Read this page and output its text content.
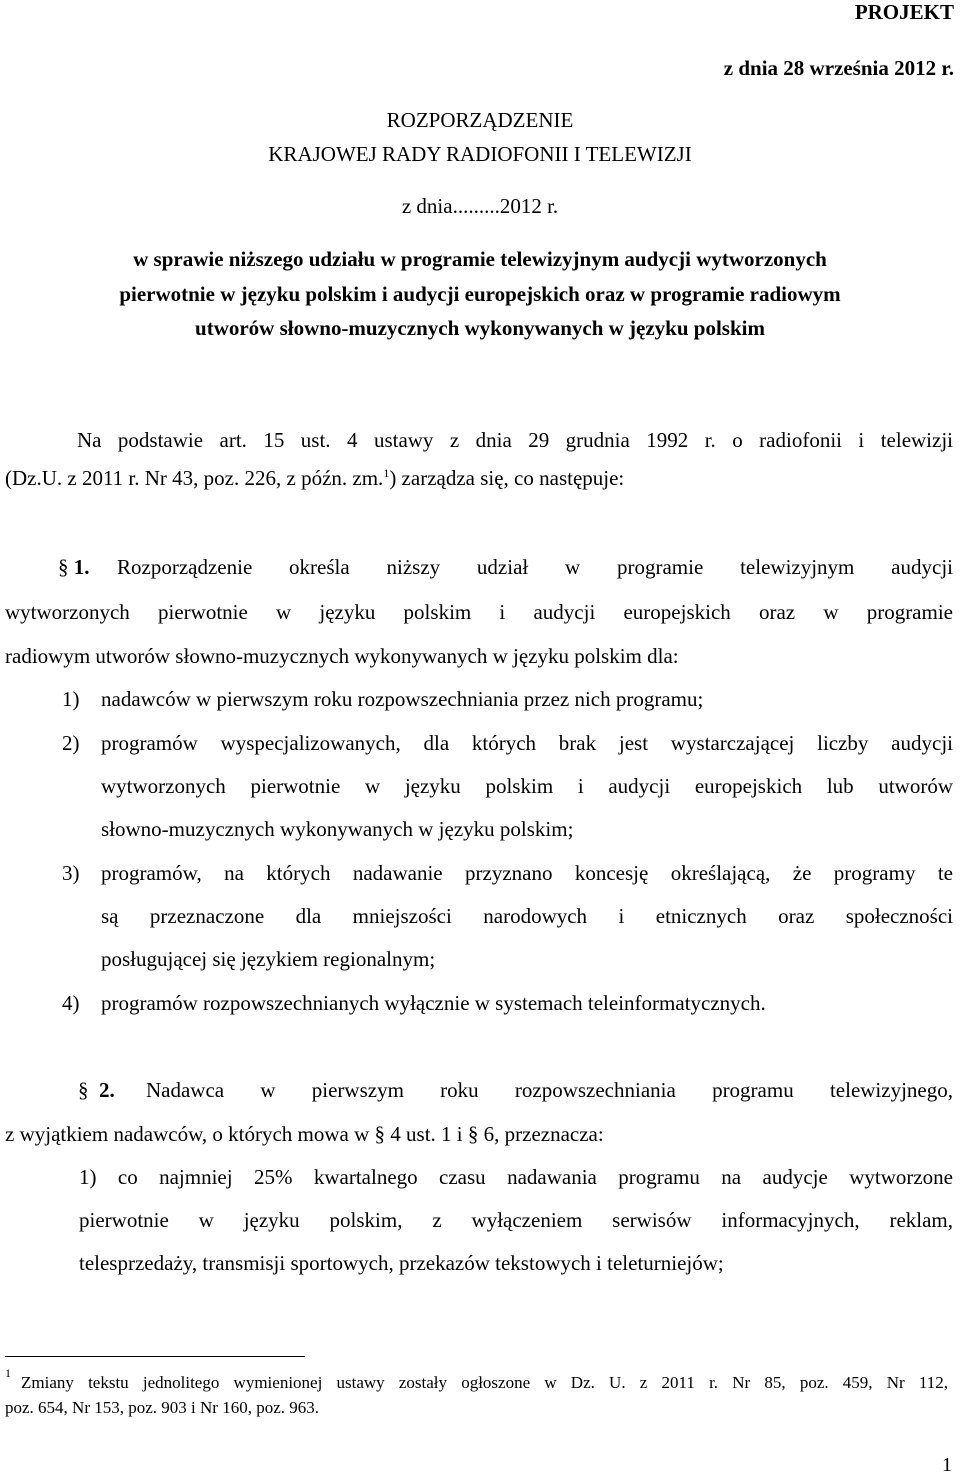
PROJEKT

z dnia 28 września 2012 r.

ROZPORZĄDZENIE

KRAJOWEJ RADY RADIOFONII I TELEWIZJI

z dnia.........2012 r.

w sprawie niższego udziału w programie telewizyjnym audycji wytworzonych

pierwotnie w języku polskim i audycji europejskich oraz w programie radiowym

utworów słowno-muzycznych wykonywanych w języku polskim

Na podstawie art. 15 ust. 4 ustawy z dnia 29 grudnia 1992 r. o radiofonii i telewizji

(Dz.U. z 2011 r. Nr 43, poz. 226, z późn. zm.$^1$) zarządza się, co następuje:

§ 1. Rozporządzenie określa niższy udział w programie telewizyjnym audycji

wytworzonych pierwotnie w języku polskim i audycji europejskich oraz w programie

radiowym utworów słowno-muzycznych wykonywanych w języku polskim dla:

1) nadawców w pierwszym roku rozpowszechniania przez nich programu;

2) programów wyspecjalizowanych, dla których brak jest wystarczającej liczby audycji

wytworzonych pierwotnie w języku polskim i audycji europejskich lub utworów

słowno-muzycznych wykonywanych w języku polskim;

3) programów, na których nadawanie przyznano koncesję określającą, że programy te

są przeznaczone dla mniejszości narodowych i etnicznych oraz społeczności

posługującej się językiem regionalnym;

4) programów rozpowszechnianych wyłącznie w systemach teleinformatycznych.

§ 2. Nadawca w pierwszym roku rozpowszechniania programu telewizyjnego,

z wyjątkiem nadawców, o których mowa w § 4 ust. 1 i § 6, przeznacza:

1) co najmniej 25% kwartalnego czasu nadawania programu na audycje wytworzone

pierwotnie w języku polskim, z wyłączeniem serwisów informacyjnych, reklam,

telesprzedaży, transmisji sportowych, przekazów tekstowych i teleturniejów;

1 Zmiany tekstu jednolitego wymienionej ustawy zostały ogłoszone w Dz. U. z 2011 r. Nr 85, poz. 459, Nr 112,

poz. 654, Nr 153, poz. 903 i Nr 160, poz. 963.

1
